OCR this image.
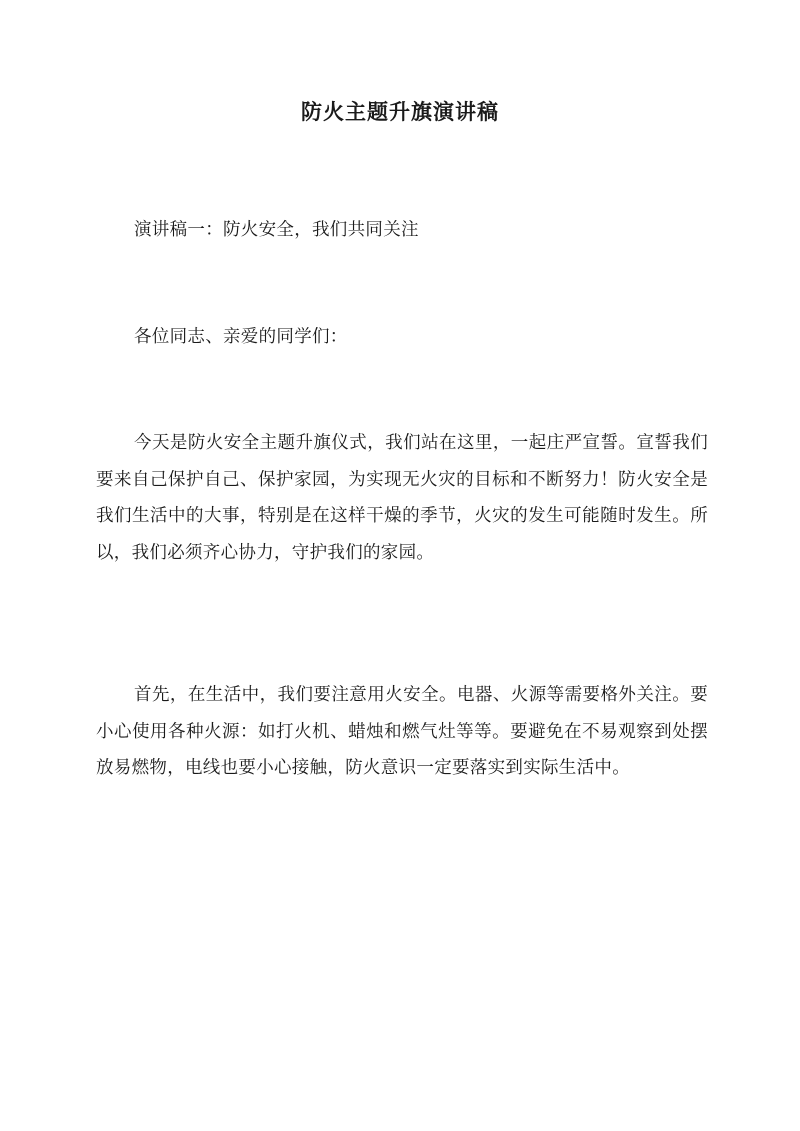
防火主题升旗演讲稿

演讲稿一：防火安全，我们共同关注

各位同志、亲爱的同学们：

今天是防火安全主题升旗仪式，我们站在这里，一起庄严宣誓。宣誓我们要来自己保护自己、保护家园，为实现无火灾的目标和不断努力！防火安全是我们生活中的大事，特别是在这样干燥的季节，火灾的发生可能随时发生。所以，我们必须齐心协力，守护我们的家园。

首先，在生活中，我们要注意用火安全。电器、火源等需要格外关注。要小心使用各种火源：如打火机、蜡烛和燃气灶等等。要避免在不易观察到处摆放易燃物，电线也要小心接触，防火意识一定要落实到实际生活中。
